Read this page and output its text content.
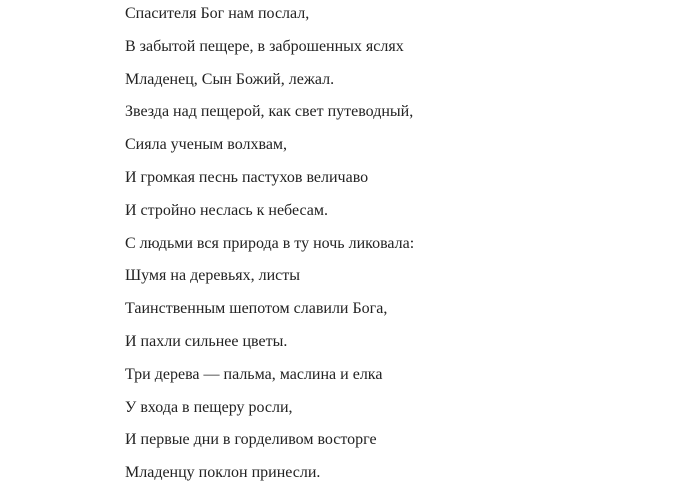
Спасителя Бог нам послал,
В забытой пещере, в заброшенных яслях
Младенец, Сын Божий, лежал.
Звезда над пещерой, как свет путеводный,
Сияла ученым волхвам,
И громкая песнь пастухов величаво
И стройно неслась к небесам.
С людьми вся природа в ту ночь ликовала:
Шумя на деревьях, листы
Таинственным шепотом славили Бога,
И пахли сильнее цветы.
Три дерева — пальма, маслина и елка
У входа в пещеру росли,
И первые дни в горделивом восторге
Младенцу поклон принесли.
